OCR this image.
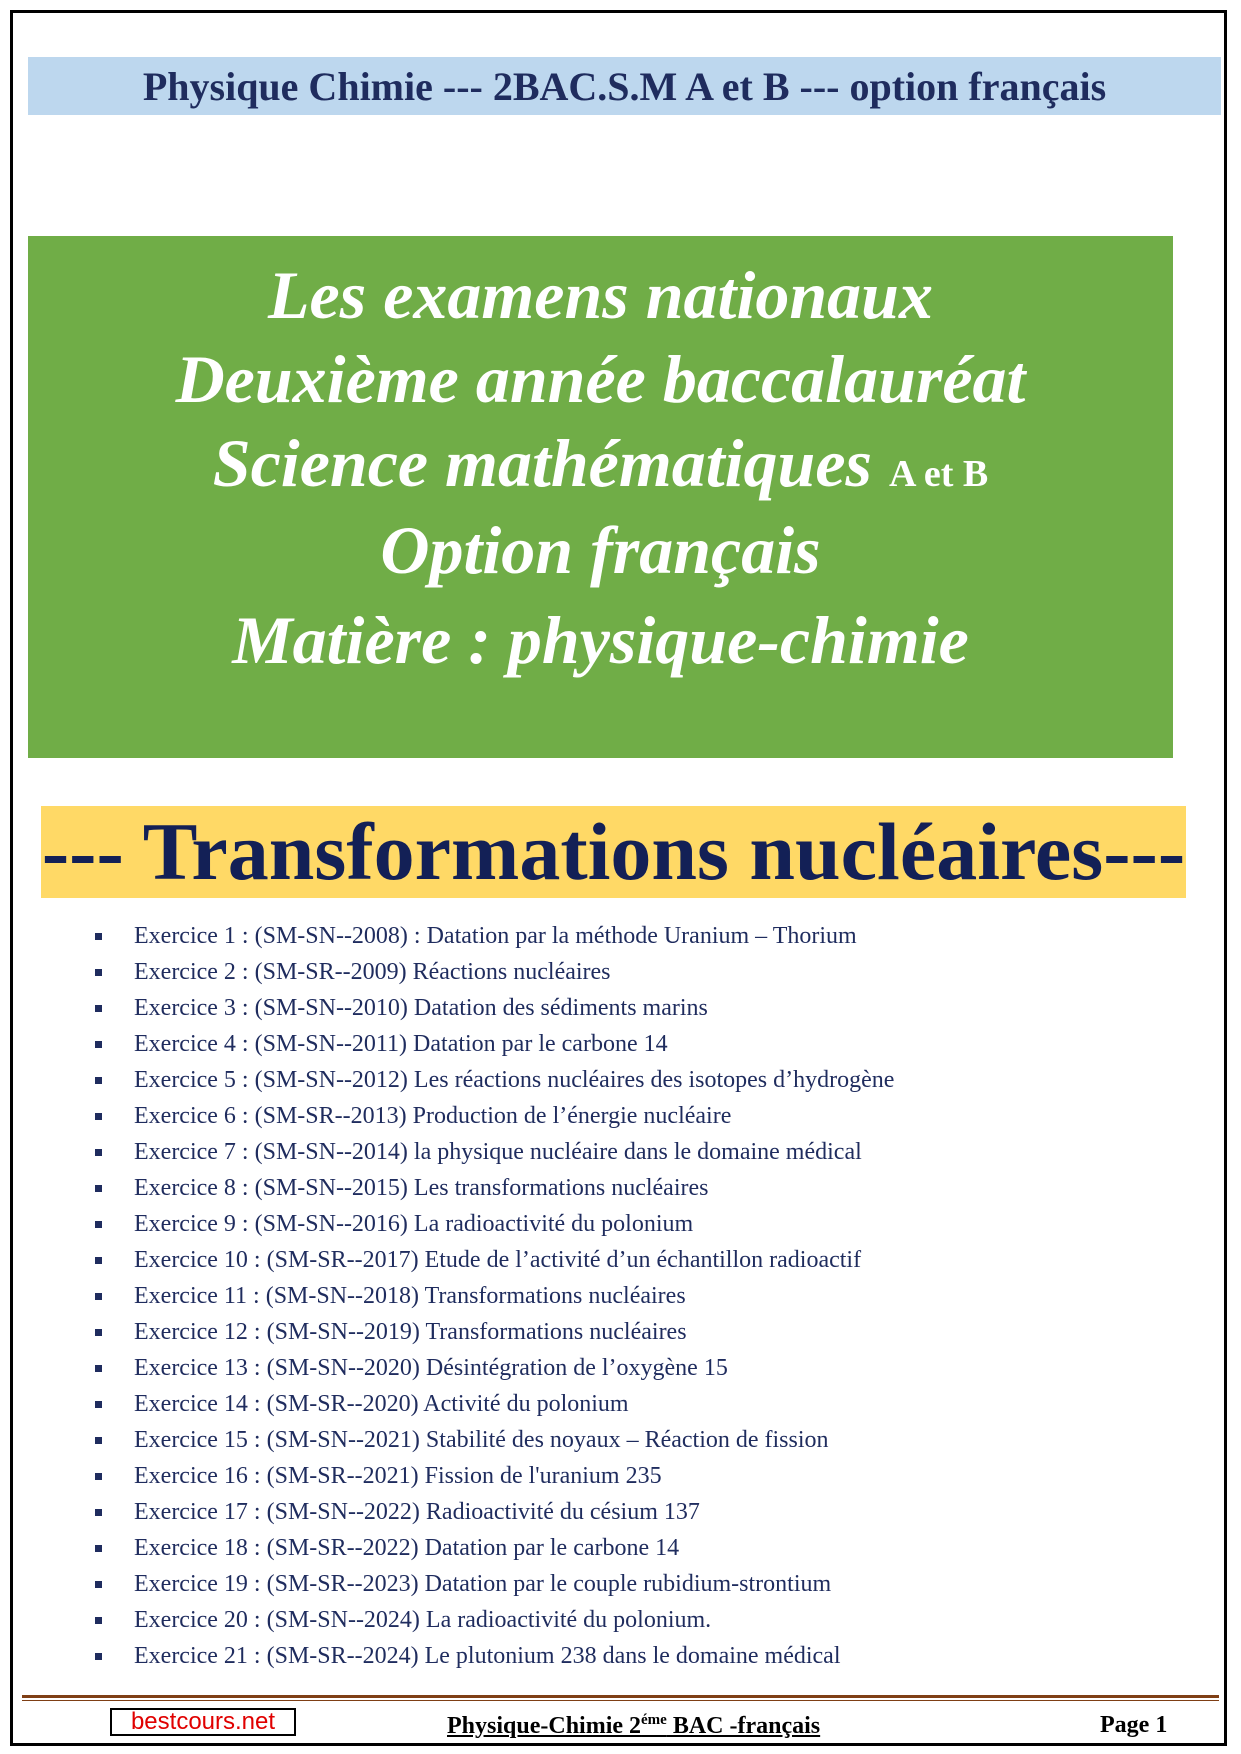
Physique Chimie --- 2BAC.S.M A et B --- option français
Les examens nationaux
Deuxième année baccalauréat
Science mathématiques A et B
Option français
Matière : physique-chimie
--- Transformations nucléaires---
Exercice 1 : (SM-SN--2008) : Datation par la méthode Uranium – Thorium
Exercice 2 : (SM-SR--2009) Réactions nucléaires
Exercice 3 : (SM-SN--2010) Datation des sédiments marins
Exercice 4 : (SM-SN--2011) Datation par le carbone 14
Exercice 5 : (SM-SN--2012) Les réactions nucléaires des isotopes d’hydrogène
Exercice 6 : (SM-SR--2013) Production de l’énergie nucléaire
Exercice 7 : (SM-SN--2014) la physique nucléaire dans le domaine médical
Exercice 8 : (SM-SN--2015) Les transformations nucléaires
Exercice 9 : (SM-SN--2016) La radioactivité du polonium
Exercice 10 : (SM-SR--2017) Etude de l’activité d’un échantillon radioactif
Exercice 11 : (SM-SN--2018) Transformations nucléaires
Exercice 12 : (SM-SN--2019) Transformations nucléaires
Exercice 13 : (SM-SN--2020) Désintégration de l’oxygène 15
Exercice 14 : (SM-SR--2020) Activité du polonium
Exercice 15 : (SM-SN--2021) Stabilité des noyaux – Réaction de fission
Exercice 16 : (SM-SR--2021) Fission de l'uranium 235
Exercice 17 : (SM-SN--2022) Radioactivité du césium 137
Exercice 18 : (SM-SR--2022) Datation par le carbone 14
Exercice 19 : (SM-SR--2023) Datation par le couple rubidium-strontium
Exercice 20 : (SM-SN--2024) La radioactivité du polonium.
Exercice 21 : (SM-SR--2024) Le plutonium 238 dans le domaine médical
bestcours.net	Physique-Chimie $2^{éme}$ BAC -français	Page 1
